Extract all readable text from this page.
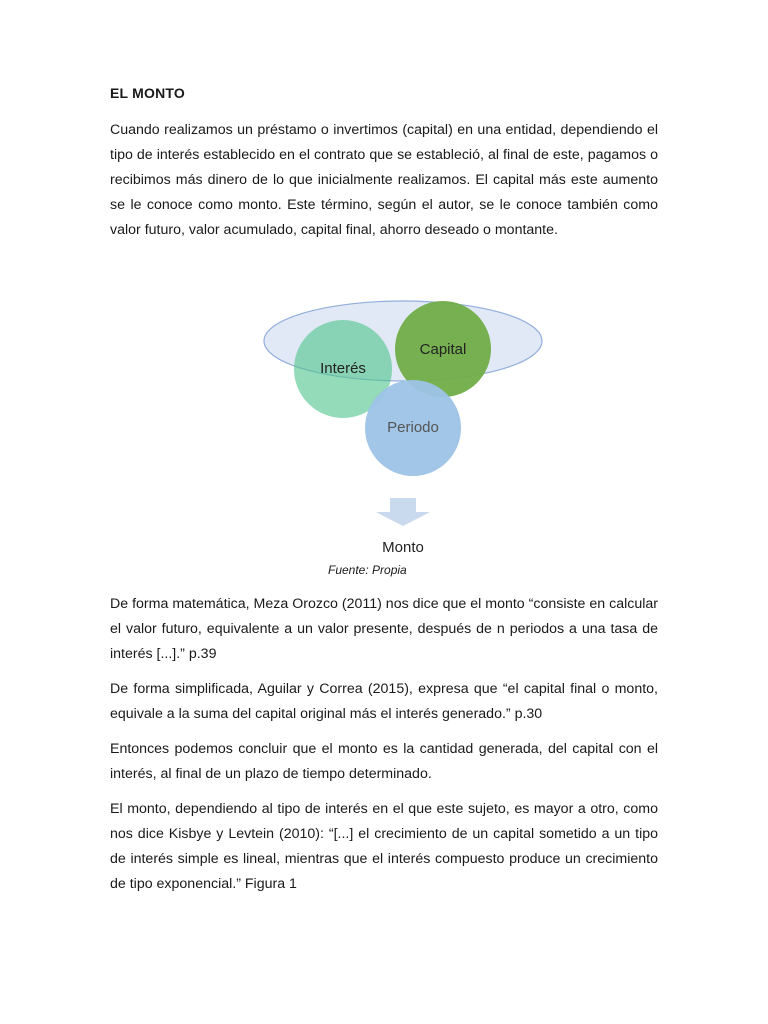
EL MONTO

Cuando realizamos un préstamo o invertimos (capital) en una entidad, dependiendo el tipo de interés establecido en el contrato que se estableció, al final de este, pagamos o recibimos más dinero de lo que inicialmente realizamos. El capital más este aumento se le conoce como monto. Este término, según el autor, se le conoce también como valor futuro, valor acumulado, capital final, ahorro deseado o montante.

Interés
Capital
Periodo
Monto
Fuente: Propia

De forma matemática, Meza Orozco (2011) nos dice que el monto “consiste en calcular el valor futuro, equivalente a un valor presente, después de n periodos a una tasa de interés [...].” p.39

De forma simplificada, Aguilar y Correa (2015), expresa que “el capital final o monto, equivale a la suma del capital original más el interés generado.” p.30

Entonces podemos concluir que el monto es la cantidad generada, del capital con el interés, al final de un plazo de tiempo determinado.

El monto, dependiendo al tipo de interés en el que este sujeto, es mayor a otro, como nos dice Kisbye y Levtein (2010): “[...] el crecimiento de un capital sometido a un tipo de interés simple es lineal, mientras que el interés compuesto produce un crecimiento de tipo exponencial.” Figura 1
